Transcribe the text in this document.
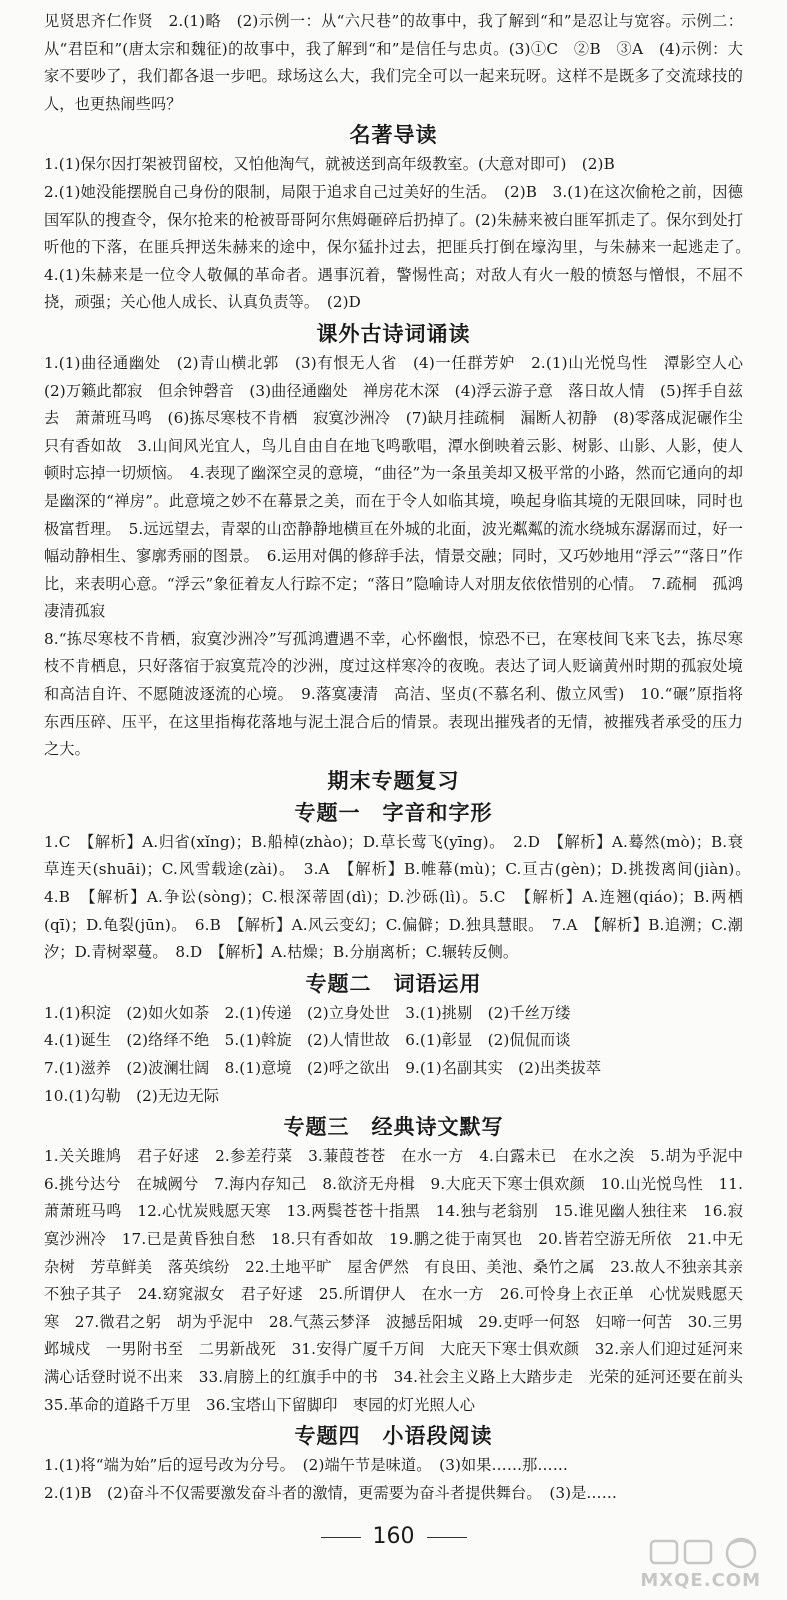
见贤思齐仁作贤　2.(1)略　(2)示例一：从“六尺巷”的故事中，我了解到“和”是忍让与宽容。示例二：从“君臣和”(唐太宗和魏征)的故事中，我了解到“和”是信任与忠贞。(3)①C　②B　③A　(4)示例：大家不要吵了，我们都各退一步吧。球场这么大，我们完全可以一起来玩呀。这样不是既多了交流球技的人，也更热闹些吗？

名著导读

1.(1)保尔因打架被罚留校，又怕他淘气，就被送到高年级教室。(大意对即可)　(2)B

2.(1)她没能摆脱自己身份的限制，局限于追求自己过美好的生活。　(2)B　3.(1)在这次偷枪之前，因德国军队的搜查令，保尔抢来的枪被哥哥阿尔焦姆砸碎后扔掉了。(2)朱赫来被白匪军抓走了。保尔到处打听他的下落，在匪兵押送朱赫来的途中，保尔猛扑过去，把匪兵打倒在壕沟里，与朱赫来一起逃走了。　4.(1)朱赫来是一位令人敬佩的革命者。遇事沉着，警惕性高；对敌人有火一般的愤怒与憎恨，不屈不挠，顽强；关心他人成长、认真负责等。　(2)D

课外古诗词诵读

1.(1)曲径通幽处　(2)青山横北郭　(3)有恨无人省　(4)一任群芳妒　2.(1)山光悦鸟性　潭影空人心　(2)万籁此都寂　但余钟磬音　(3)曲径通幽处　禅房花木深　(4)浮云游子意　落日故人情　(5)挥手自兹去　萧萧班马鸣　(6)拣尽寒枝不肯栖　寂寞沙洲冷　(7)缺月挂疏桐　漏断人初静　(8)零落成泥碾作尘　只有香如故　3.山间风光宜人，鸟儿自由自在地飞鸣歌唱，潭水倒映着云影、树影、山影、人影，使人顿时忘掉一切烦恼。　4.表现了幽深空灵的意境，“曲径”为一条虽美却又极平常的小路，然而它通向的却是幽深的“禅房”。此意境之妙不在幕景之美，而在于令人如临其境，唤起身临其境的无限回味，同时也极富哲理。　5.远远望去，青翠的山峦静静地横亘在外城的北面，波光粼粼的流水绕城东潺潺而过，好一幅动静相生、寥廓秀丽的图景。　6.运用对偶的修辞手法，情景交融；同时，又巧妙地用“浮云”“落日”作比，来表明心意。“浮云”象征着友人行踪不定；“落日”隐喻诗人对朋友依依惜别的心情。　7.疏桐　孤鸿　凄清孤寂

8.“拣尽寒枝不肯栖，寂寞沙洲冷”写孤鸿遭遇不幸，心怀幽恨，惊恐不已，在寒枝间飞来飞去，拣尽寒枝不肯栖息，只好落宿于寂寞荒冷的沙洲，度过这样寒冷的夜晚。表达了词人贬谪黄州时期的孤寂处境和高洁自许、不愿随波逐流的心境。　9.落寞凄清　高洁、坚贞(不慕名利、傲立风雪)　10.“碾”原指将东西压碎、压平，在这里指梅花落地与泥土混合后的情景。表现出摧残者的无情，被摧残者承受的压力之大。

期末专题复习
专题一 字音和字形

1.C　【解析】A.归省(xǐng)；B.船棹(zhào)；D.草长莺飞(yīng)。　2.D　【解析】A.蓦然(mò)；B.衰草连天(shuāi)；C.风雪载途(zài)。　3.A　【解析】B.帷幕(mù)；C.亘古(gèn)；D.挑拨离间(jiàn)。　4.B　【解析】A.争讼(sòng)；C.根深蒂固(dì)；D.沙砾(lì)。5.C　【解析】A.连翘(qiáo)；B.两栖(qī)；D.龟裂(jūn)。　6.B　【解析】A.风云变幻；C.偏僻；D.独具慧眼。　7.A　【解析】B.追溯；C.潮汐；D.青树翠蔓。　8.D　【解析】A.枯燥；B.分崩离析；C.辗转反侧。

专题二 词语运用

1.(1)积淀　(2)如火如荼　2.(1)传递　(2)立身处世　3.(1)挑剔　(2)千丝万缕

4.(1)诞生　(2)络绎不绝　5.(1)斡旋　(2)人情世故　6.(1)彰显　(2)侃侃而谈

7.(1)滋养　(2)波澜壮阔　8.(1)意境　(2)呼之欲出　9.(1)名副其实　(2)出类拔萃

10.(1)勾勒　(2)无边无际

专题三 经典诗文默写

1.关关雎鸠　君子好逑　2.参差荇菜　3.蒹葭苍苍　在水一方　4.白露未已　在水之涘　5.胡为乎泥中　6.挑兮达兮　在城阙兮　7.海内存知己　8.欲济无舟楫　9.大庇天下寒士俱欢颜　10.山光悦鸟性　11.萧萧班马鸣　12.心忧炭贱愿天寒　13.两鬓苍苍十指黑　14.独与老翁别　15.谁见幽人独往来　16.寂寞沙洲冷　17.已是黄昏独自愁　18.只有香如故　19.鹏之徙于南冥也　20.皆若空游无所依　21.中无杂树　芳草鲜美　落英缤纷　22.土地平旷　屋舍俨然　有良田、美池、桑竹之属　23.故人不独亲其亲　不独子其子　24.窈窕淑女　君子好逑　25.所谓伊人　在水一方　26.可怜身上衣正单　心忧炭贱愿天寒　27.微君之躬　胡为乎泥中　28.气蒸云梦泽　波撼岳阳城　29.吏呼一何怒　妇啼一何苦　30.三男邺城戍　一男附书至　二男新战死　31.安得广厦千万间　大庇天下寒士俱欢颜　32.亲人们迎过延河来　满心话登时说不出来　33.肩膀上的红旗手中的书　34.社会主义路上大踏步走　光荣的延河还要在前头　35.革命的道路千万里　36.宝塔山下留脚印　枣园的灯光照人心

专题四 小语段阅读

1.(1)将“端为始”后的逗号改为分号。　(2)端午节是味道。　(3)如果……那……

2.(1)B　(2)奋斗不仅需要激发奋斗者的激情，更需要为奋斗者提供舞台。　(3)是……

160
MXQE.COM
